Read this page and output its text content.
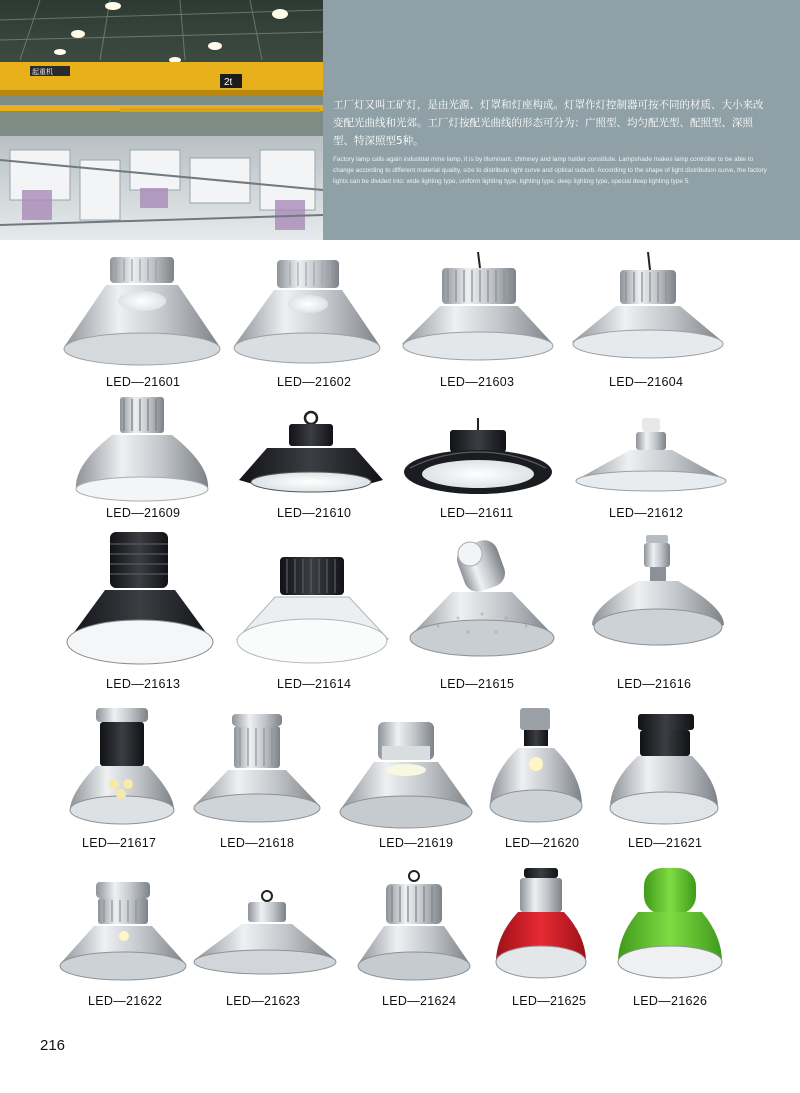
起重机
2t

工厂灯又叫工矿灯，是由光源、灯罩和灯座构成。灯罩作灯控制器可按不同的材质、大小来改变配光曲线和光郊。工厂灯按配光曲线的形态可分为：广照型、均匀配光型、配照型、深照型、特深照型5种。

Factory lamp calls again industrial mine lamp, it is by illuminant, chimney and lamp holder constitute. Lampshade makes lamp controller to be able to change according to different material quality, size to distribute light curve and optical suburb. According to the shape of light distribution curve, the factory lights can be divided into: wide lighting type, uniform lighting type, lighting type, deep lighting type, special deep lighting type 5.

LED—21601	LED—21602	LED—21603	LED—21604
LED—21609	LED—21610	LED—21611	LED—21612
LED—21613	LED—21614	LED—21615	LED—21616
LED—21617	LED—21618	LED—21619	LED—21620	LED—21621
LED—21622	LED—21623	LED—21624	LED—21625	LED—21626
216
